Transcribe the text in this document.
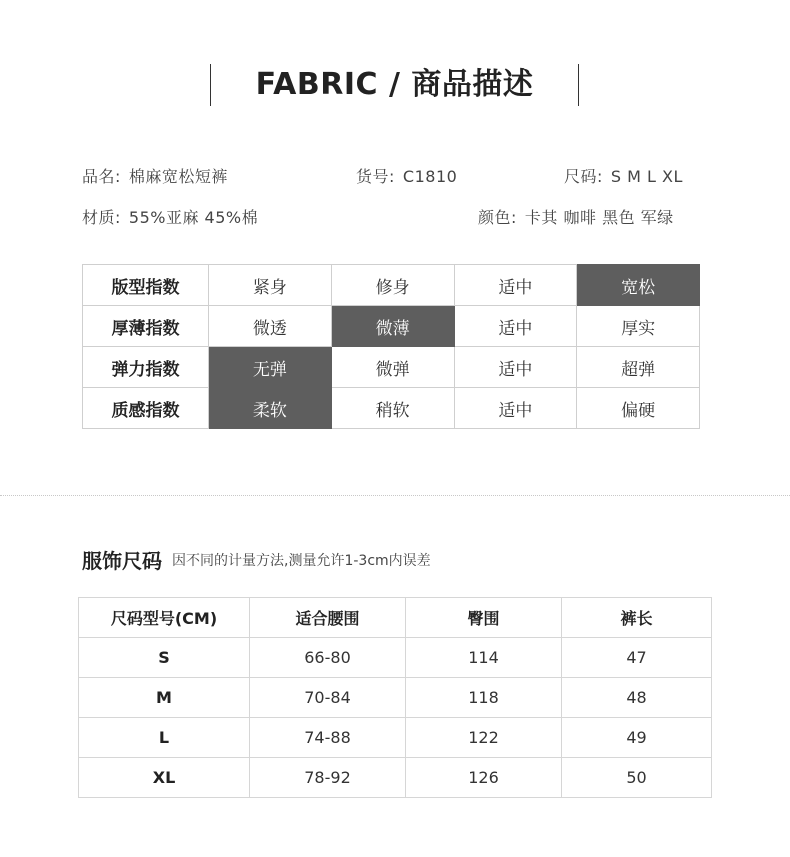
FABRIC / 商品描述
品名: 棉麻宽松短裤	货号: C1810	尺码: S M L XL
材质: 55%亚麻 45%棉	颜色: 卡其 咖啡 黑色 军绿
版型指数	紧身	修身	适中	宽松
厚薄指数	微透	微薄	适中	厚实
弹力指数	无弹	微弹	适中	超弹
质感指数	柔软	稍软	适中	偏硬
服饰尺码 因不同的计量方法,测量允许1-3cm内误差
尺码型号(CM)	适合腰围	臀围	裤长
S	66-80	114	47
M	70-84	118	48
L	74-88	122	49
XL	78-92	126	50
